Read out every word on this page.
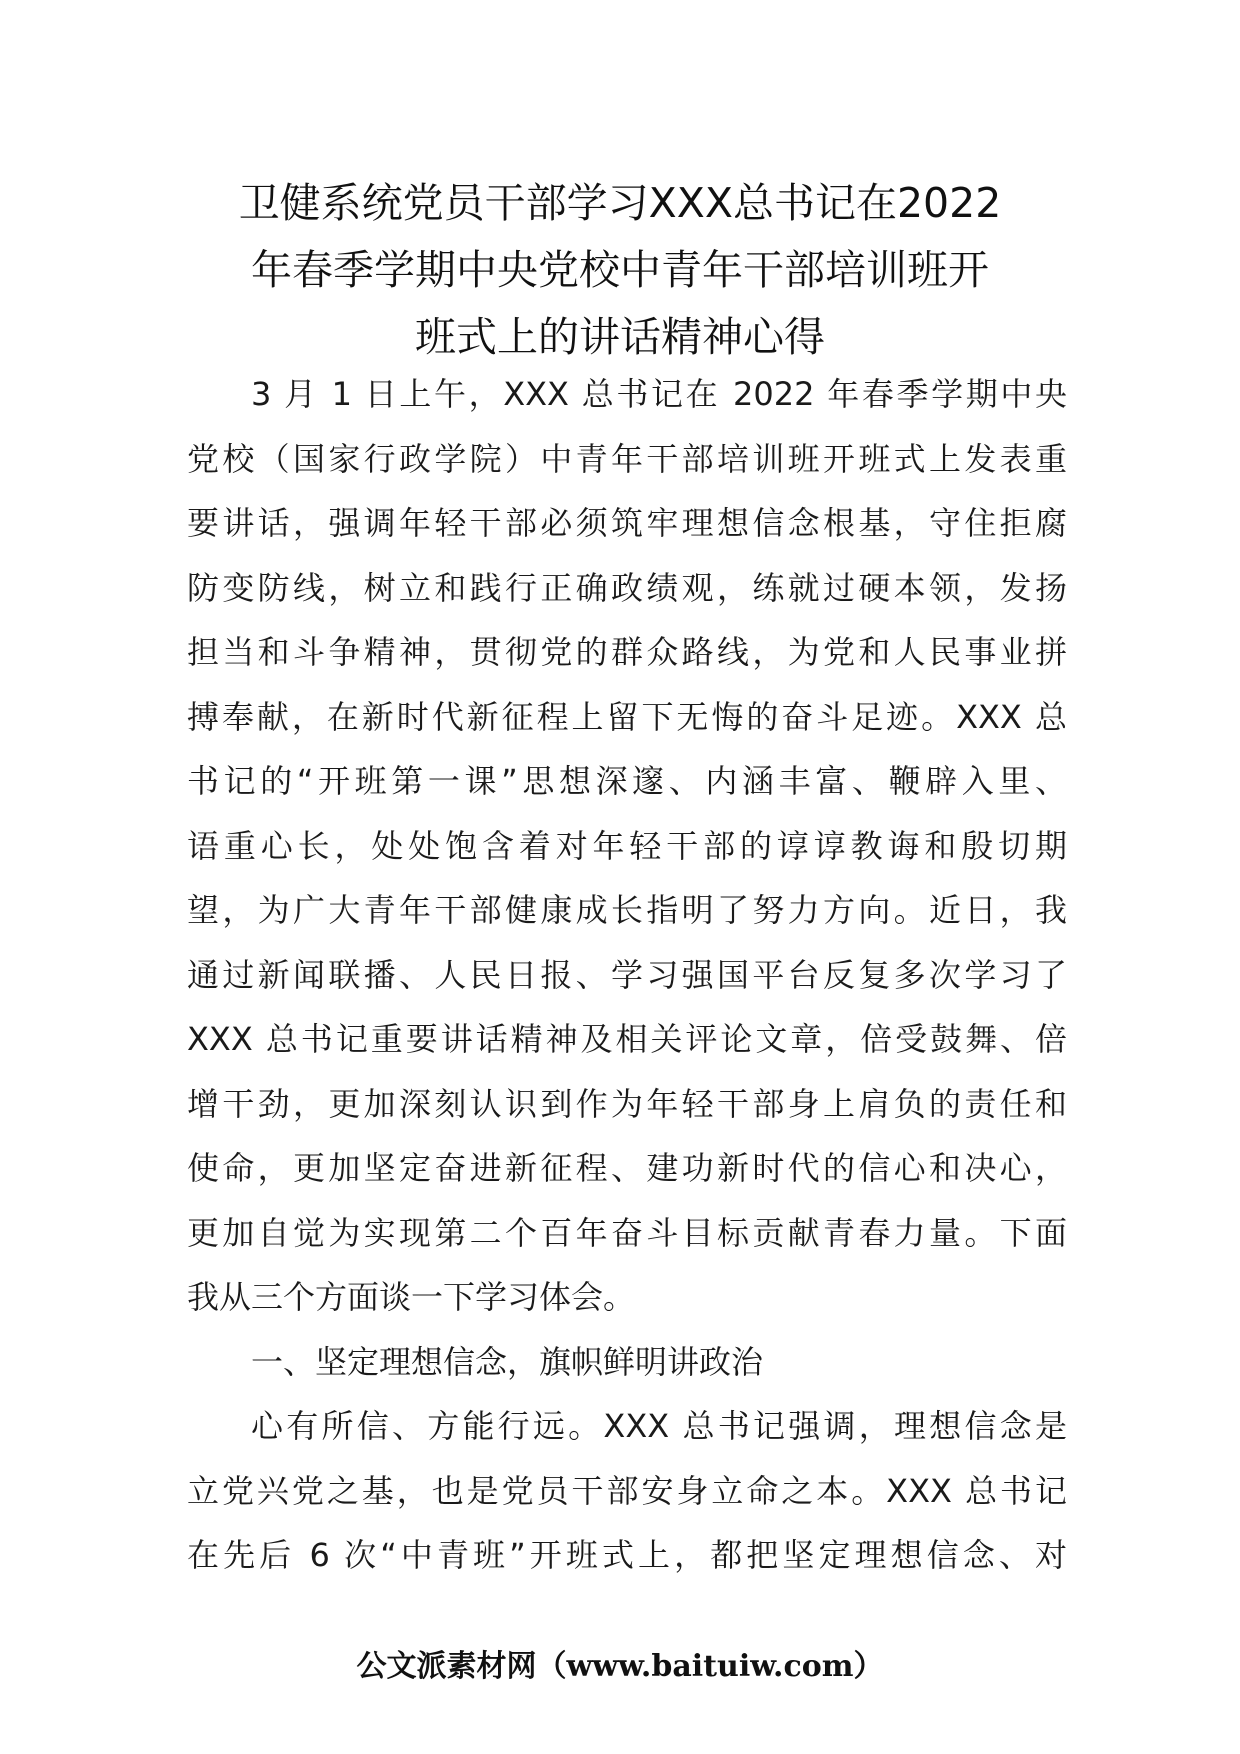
卫健系统党员干部学习XXX总书记在2022
年春季学期中央党校中青年干部培训班开
班式上的讲话精神心得
3 月 1 日上午，XXX 总书记在 2022 年春季学期中央
党校（国家行政学院）中青年干部培训班开班式上发表重
要讲话，强调年轻干部必须筑牢理想信念根基，守住拒腐
防变防线，树立和践行正确政绩观，练就过硬本领，发扬
担当和斗争精神，贯彻党的群众路线，为党和人民事业拼
搏奉献，在新时代新征程上留下无悔的奋斗足迹。XXX 总
书记的“开班第一课”思想深邃、内涵丰富、鞭辟入里、
语重心长，处处饱含着对年轻干部的谆谆教诲和殷切期
望，为广大青年干部健康成长指明了努力方向。近日，我
通过新闻联播、人民日报、学习强国平台反复多次学习了
XXX 总书记重要讲话精神及相关评论文章，倍受鼓舞、倍
增干劲，更加深刻认识到作为年轻干部身上肩负的责任和
使命，更加坚定奋进新征程、建功新时代的信心和决心，
更加自觉为实现第二个百年奋斗目标贡献青春力量。下面
我从三个方面谈一下学习体会。
一、坚定理想信念，旗帜鲜明讲政治
心有所信、方能行远。XXX 总书记强调，理想信念是
立党兴党之基，也是党员干部安身立命之本。XXX 总书记
在先后 6 次“中青班”开班式上，都把坚定理想信念、对
公文派素材网（www.baituiw.com）
